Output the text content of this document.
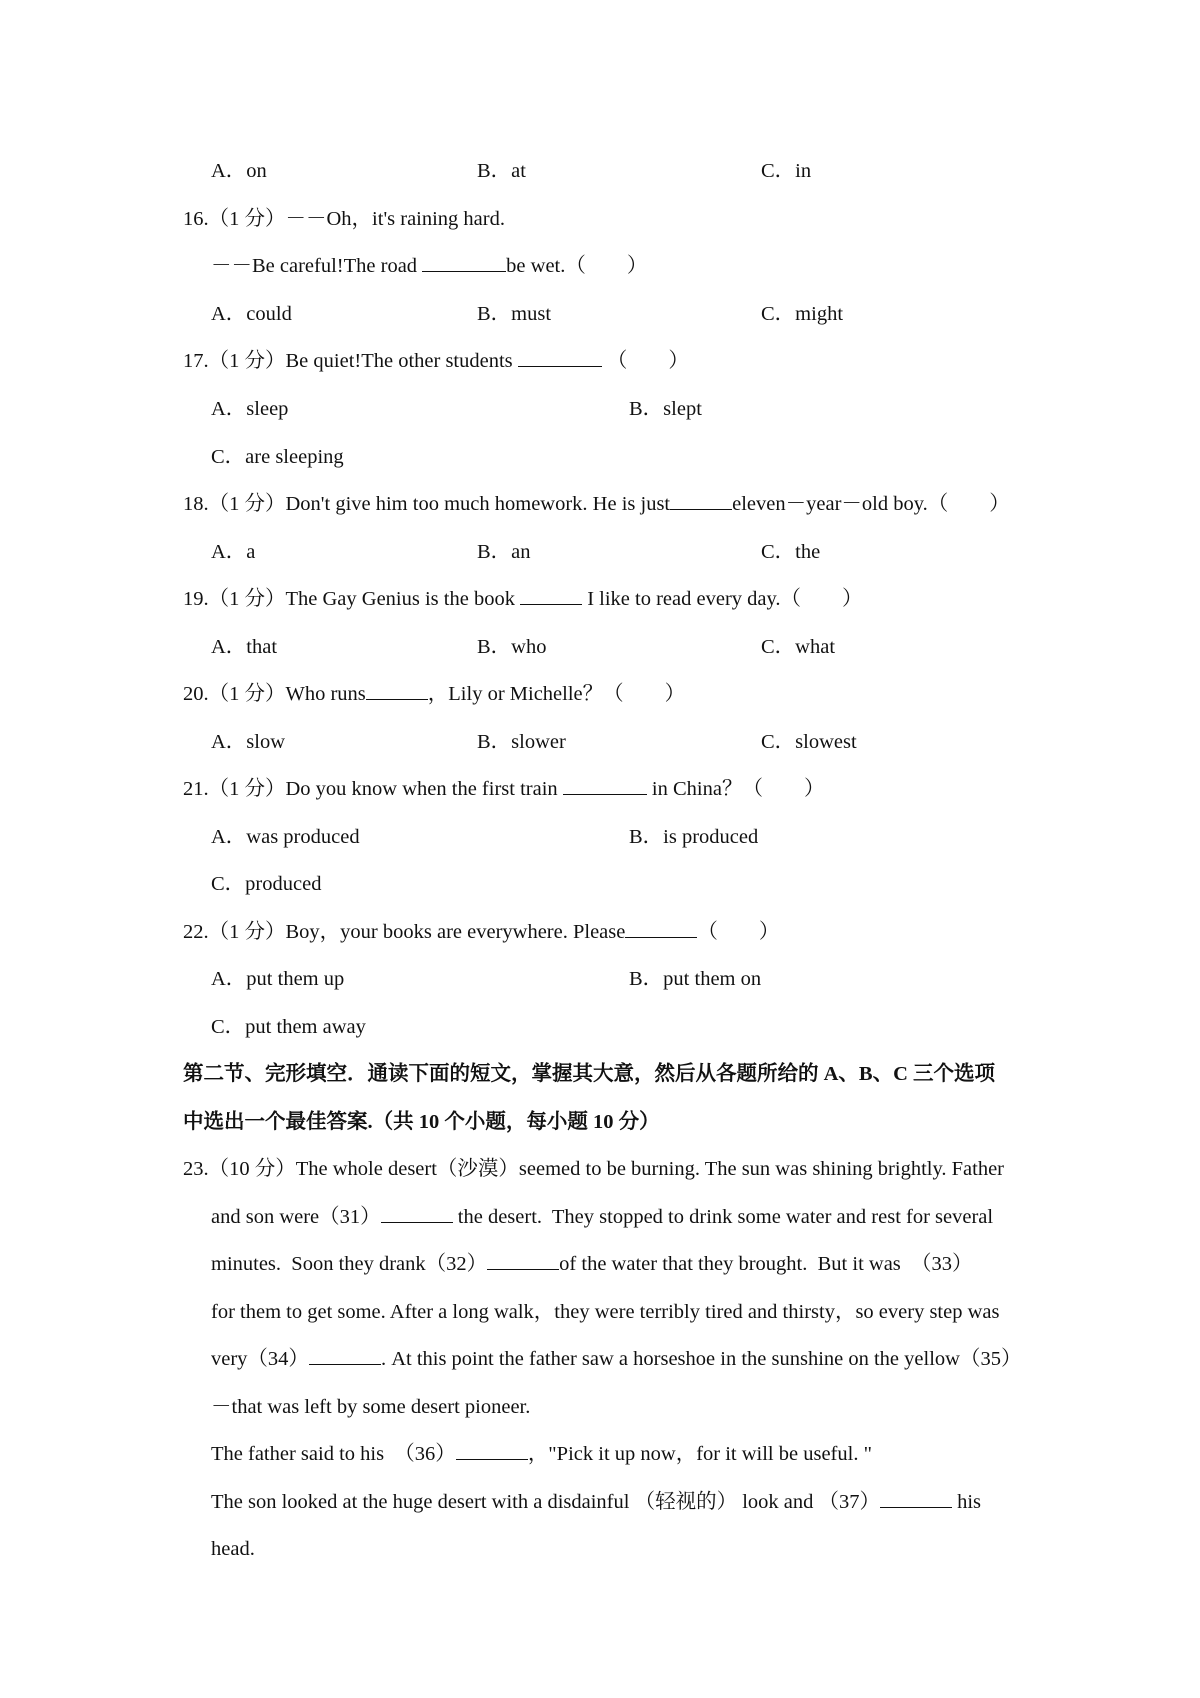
A．on

	B．at

	C．in

16.（1 分）－－Oh，it's raining hard.

－－Be careful!The road	be wet.（　　）

A．could

	B．must

	C．might

17.（1 分）Be quiet!The other students	（　　）

A．sleep

	B．slept

C．are sleeping

18.（1 分）Don't give him too much homework. He is just	eleven－year－old boy.（　　）

A．a

	B．an

	C．the

19.（1 分）The Gay Genius is the book	I like to read every day.（　　）

A．that

	B．who

	C．what

20.（1 分）Who runs	，Lily or Michelle？（　　）

A．slow

	B．slower

	C．slowest

21.（1 分）Do you know when the first train	in China？（　　）

A．was produced

	B．is produced

C．produced

22.（1 分）Boy，your books are everywhere. Please	（　　）

A．put them up

	B．put them on

C．put them away

第二节、完形填空．通读下面的短文，掌握其大意，然后从各题所给的 A、B、C 三个选项

中选出一个最佳答案.（共 10 个小题，每小题 10 分）

23.（10 分）The whole desert（沙漠）seemed to be burning. The sun was shining brightly. Father

and son were（31）	the desert.  They stopped to drink some water and rest for several

minutes.  Soon they drank（32）	of the water that they brought.  But it was  （33）

for them to get some. After a long walk，they were terribly tired and thirsty，so every step was

very（34）	. At this point the father saw a horseshoe in the sunshine on the yellow（35）

－that was left by some desert pioneer.

The father said to his  （36）	，"Pick it up now，for it will be useful. "

The son looked at the huge desert with a disdainful （轻视的） look and （37）	his

head.
